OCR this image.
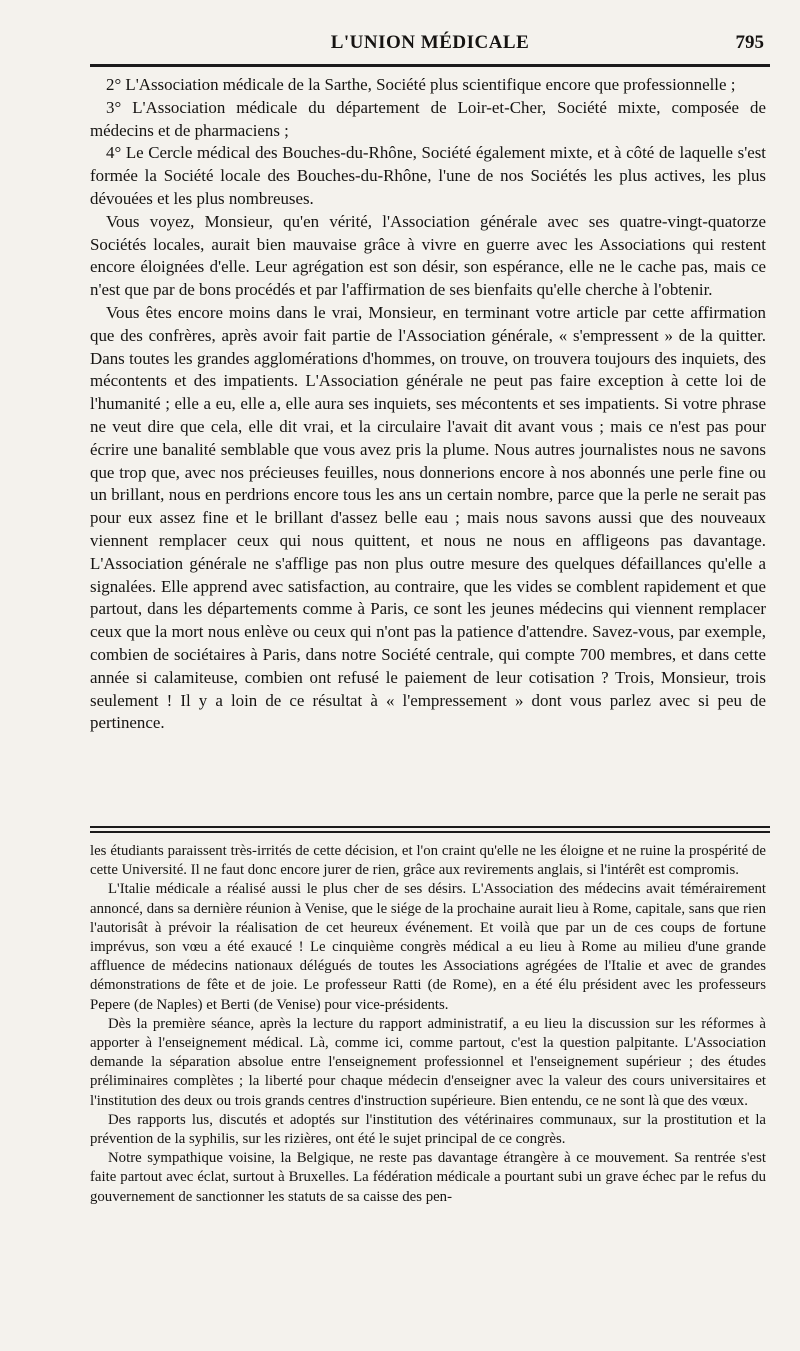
L'UNION MÉDICALE	795

2° L'Association médicale de la Sarthe, Société plus scientifique encore que professionnelle ;

3° L'Association médicale du département de Loir-et-Cher, Société mixte, composée de médecins et de pharmaciens ;

4° Le Cercle médical des Bouches-du-Rhône, Société également mixte, et à côté de laquelle s'est formée la Société locale des Bouches-du-Rhône, l'une de nos Sociétés les plus actives, les plus dévouées et les plus nombreuses.

Vous voyez, Monsieur, qu'en vérité, l'Association générale avec ses quatre-vingt-quatorze Sociétés locales, aurait bien mauvaise grâce à vivre en guerre avec les Associations qui restent encore éloignées d'elle. Leur agrégation est son désir, son espérance, elle ne le cache pas, mais ce n'est que par de bons procédés et par l'affirmation de ses bienfaits qu'elle cherche à l'obtenir.

Vous êtes encore moins dans le vrai, Monsieur, en terminant votre article par cette affirmation que des confrères, après avoir fait partie de l'Association générale, « s'empressent » de la quitter. Dans toutes les grandes agglomérations d'hommes, on trouve, on trouvera toujours des inquiets, des mécontents et des impatients. L'Association générale ne peut pas faire exception à cette loi de l'humanité ; elle a eu, elle a, elle aura ses inquiets, ses mécontents et ses impatients. Si votre phrase ne veut dire que cela, elle dit vrai, et la circulaire l'avait dit avant vous ; mais ce n'est pas pour écrire une banalité semblable que vous avez pris la plume. Nous autres journalistes nous ne savons que trop que, avec nos précieuses feuilles, nous donnerions encore à nos abonnés une perle fine ou un brillant, nous en perdrions encore tous les ans un certain nombre, parce que la perle ne serait pas pour eux assez fine et le brillant d'assez belle eau ; mais nous savons aussi que des nouveaux viennent remplacer ceux qui nous quittent, et nous ne nous en affligeons pas davantage. L'Association générale ne s'afflige pas non plus outre mesure des quelques défaillances qu'elle a signalées. Elle apprend avec satisfaction, au contraire, que les vides se comblent rapidement et que partout, dans les départements comme à Paris, ce sont les jeunes médecins qui viennent remplacer ceux que la mort nous enlève ou ceux qui n'ont pas la patience d'attendre. Savez-vous, par exemple, combien de sociétaires à Paris, dans notre Société centrale, qui compte 700 membres, et dans cette année si calamiteuse, combien ont refusé le paiement de leur cotisation ? Trois, Monsieur, trois seulement ! Il y a loin de ce résultat à « l'empressement » dont vous parlez avec si peu de pertinence.

les étudiants paraissent très-irrités de cette décision, et l'on craint qu'elle ne les éloigne et ne ruine la prospérité de cette Université. Il ne faut donc encore jurer de rien, grâce aux revirements anglais, si l'intérêt est compromis.

L'Italie médicale a réalisé aussi le plus cher de ses désirs. L'Association des médecins avait témérairement annoncé, dans sa dernière réunion à Venise, que le siége de la prochaine aurait lieu à Rome, capitale, sans que rien l'autorisât à prévoir la réalisation de cet heureux événement. Et voilà que par un de ces coups de fortune imprévus, son vœu a été exaucé ! Le cinquième congrès médical a eu lieu à Rome au milieu d'une grande affluence de médecins nationaux délégués de toutes les Associations agrégées de l'Italie et avec de grandes démonstrations de fête et de joie. Le professeur Ratti (de Rome), en a été élu président avec les professeurs Pepere (de Naples) et Berti (de Venise) pour vice-présidents.

Dès la première séance, après la lecture du rapport administratif, a eu lieu la discussion sur les réformes à apporter à l'enseignement médical. Là, comme ici, comme partout, c'est la question palpitante. L'Association demande la séparation absolue entre l'enseignement professionnel et l'enseignement supérieur ; des études préliminaires complètes ; la liberté pour chaque médecin d'enseigner avec la valeur des cours universitaires et l'institution des deux ou trois grands centres d'instruction supérieure. Bien entendu, ce ne sont là que des vœux.

Des rapports lus, discutés et adoptés sur l'institution des vétérinaires communaux, sur la prostitution et la prévention de la syphilis, sur les rizières, ont été le sujet principal de ce congrès.

Notre sympathique voisine, la Belgique, ne reste pas davantage étrangère à ce mouvement. Sa rentrée s'est faite partout avec éclat, surtout à Bruxelles. La fédération médicale a pourtant subi un grave échec par le refus du gouvernement de sanctionner les statuts de sa caisse des pen-
